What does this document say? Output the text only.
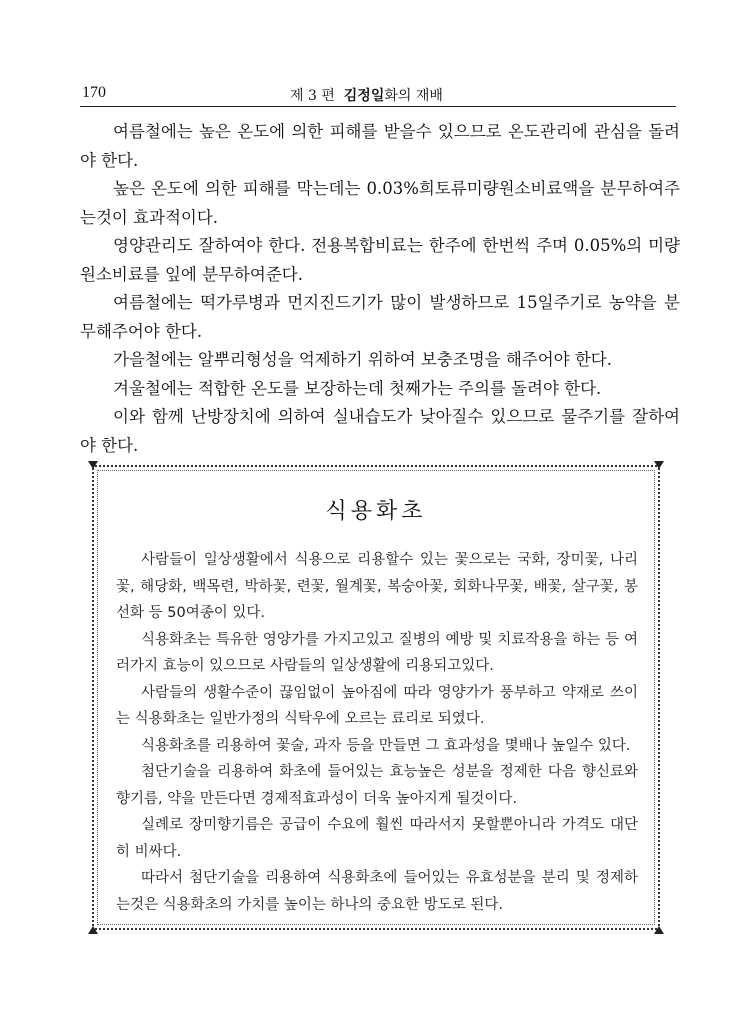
170	제 3 편 김정일화의 재배

여름철에는 높은 온도에 의한 피해를 받을수 있으므로 온도관리에 관심을 돌려야 한다.

높은 온도에 의한 피해를 막는데는 0.03%희토류미량원소비료액을 분무하여주는것이 효과적이다.

영양관리도 잘하여야 한다. 전용복합비료는 한주에 한번씩 주며 0.05%의 미량원소비료를 잎에 분무하여준다.

여름철에는 떡가루병과 먼지진드기가 많이 발생하므로 15일주기로 농약을 분무해주어야 한다.

가을철에는 알뿌리형성을 억제하기 위하여 보충조명을 해주어야 한다.

겨울철에는 적합한 온도를 보장하는데 첫째가는 주의를 돌려야 한다.

이와 함께 난방장치에 의하여 실내습도가 낮아질수 있으므로 물주기를 잘하여야 한다.

식용화초

사람들이 일상생활에서 식용으로 리용할수 있는 꽃으로는 국화, 장미꽃, 나리꽃, 해당화, 백목련, 박하꽃, 련꽃, 월계꽃, 복숭아꽃, 회화나무꽃, 배꽃, 살구꽃, 봉선화 등 50여종이 있다.

식용화초는 특유한 영양가를 가지고있고 질병의 예방 및 치료작용을 하는 등 여러가지 효능이 있으므로 사람들의 일상생활에 리용되고있다.

사람들의 생활수준이 끊임없이 높아짐에 따라 영양가가 풍부하고 약재로 쓰이는 식용화초는 일반가정의 식탁우에 오르는 료리로 되였다.

식용화초를 리용하여 꽃술, 과자 등을 만들면 그 효과성을 몇배나 높일수 있다.

첨단기술을 리용하여 화초에 들어있는 효능높은 성분을 정제한 다음 향신료와 향기름, 약을 만든다면 경제적효과성이 더욱 높아지게 될것이다.

실례로 장미향기름은 공급이 수요에 훨씬 따라서지 못할뿐아니라 가격도 대단히 비싸다.

따라서 첨단기술을 리용하여 식용화초에 들어있는 유효성분을 분리 및 정제하는것은 식용화초의 가치를 높이는 하나의 중요한 방도로 된다.
